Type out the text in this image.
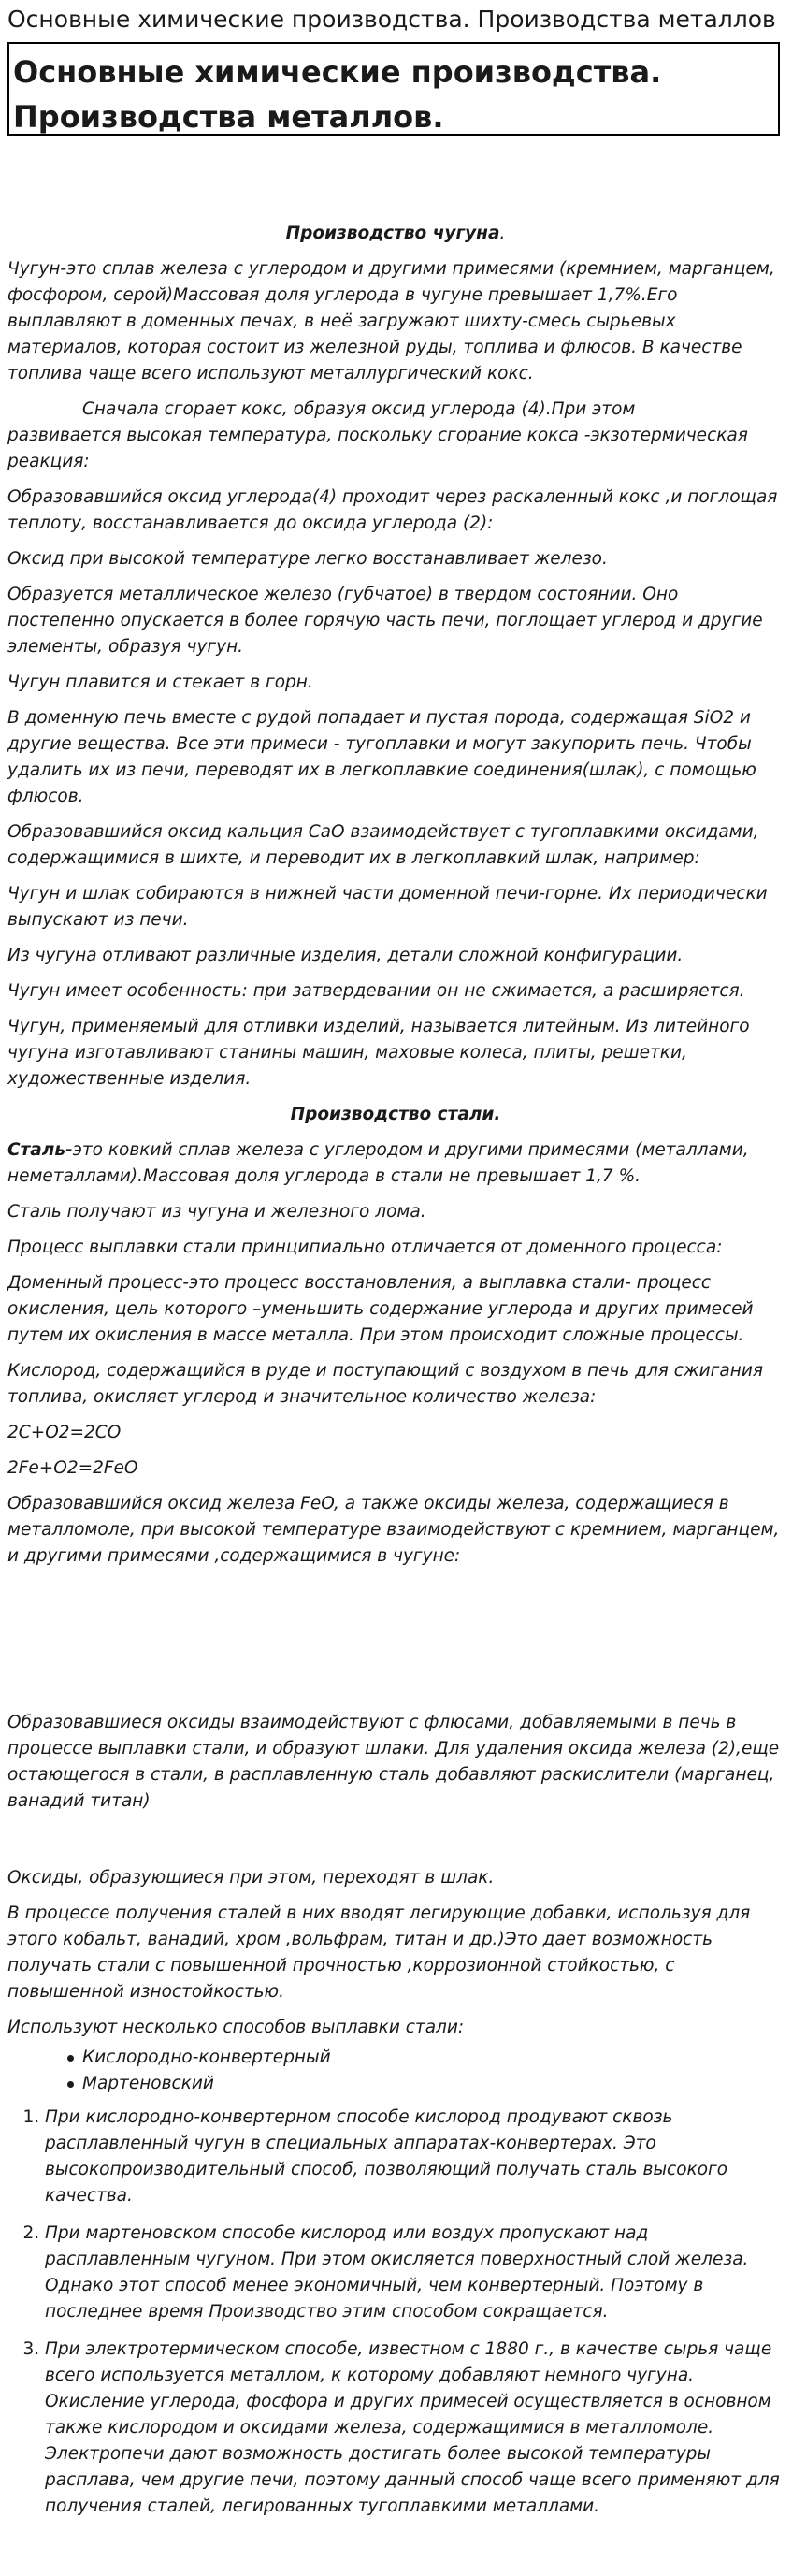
Основные химические производства. Производства металлов
Основные химические производства. Производства металлов.

Производство чугуна.

Чугун-это сплав железа с углеродом и другими примесями (кремнием, марганцем, фосфором, серой)Массовая доля углерода в чугуне превышает 1,7%.Его выплавляют в доменных печах, в неё загружают шихту-смесь сырьевых материалов, которая состоит из железной руды, топлива и флюсов. В качестве топлива чаще всего используют металлургический кокс.

Сначала сгорает кокс, образуя оксид углерода (4).При этом

развивается высокая температура, поскольку сгорание кокса -экзотермическая реакция:

Образовавшийся оксид углерода(4) проходит через раскаленный кокс ,и поглощая теплоту, восстанавливается до оксида углерода (2):

Оксид при высокой температуре легко восстанавливает железо.

Образуется металлическое железо (губчатое) в твердом состоянии. Оно постепенно опускается в более горячую часть печи, поглощает углерод и другие элементы, образуя чугун.

Чугун плавится и стекает в горн.

В доменную печь вместе с рудой попадает и пустая порода, содержащая SiO2 и другие вещества. Все эти примеси - тугоплавки и могут закупорить печь. Чтобы удалить их из печи, переводят их в легкоплавкие соединения(шлак), с помощью флюсов.

Образовавшийся оксид кальция CaO взаимодействует с тугоплавкими оксидами, содержащимися в шихте, и переводит их в легкоплавкий шлак, например:

Чугун и шлак собираются в нижней части доменной печи-горне. Их периодически выпускают из печи.

Из чугуна отливают различные изделия, детали сложной конфигурации.

Чугун имеет особенность: при затвердевании он не сжимается, а расширяется.

Чугун, применяемый для отливки изделий, называется литейным. Из литейного чугуна изготавливают станины машин, маховые колеса, плиты, решетки, художественные изделия.

Производство стали.

Сталь-это ковкий сплав железа с углеродом и другими примесями (металлами, неметаллами).Массовая доля углерода в стали не превышает 1,7 %.

Сталь получают из чугуна и железного лома.

Процесс выплавки стали принципиально отличается от доменного процесса:

Доменный процесс-это процесс восстановления, а выплавка стали- процесс окисления, цель которого –уменьшить содержание углерода и других примесей путем их окисления в массе металла. При этом происходит сложные процессы.

Кислород, содержащийся в руде и поступающий с воздухом в печь для сжигания топлива, окисляет углерод и значительное количество железа:

2C+O2=2CO

2Fe+O2=2FeO

Образовавшийся оксид железа FeO, а также оксиды железа, содержащиеся в металломоле, при высокой температуре взаимодействуют с кремнием, марганцем, и другими примесями ,содержащимися в чугуне:

Образовавшиеся оксиды взаимодействуют с флюсами, добавляемыми в печь в процессе выплавки стали, и образуют шлаки. Для удаления оксида железа (2),еще остающегося в стали, в расплавленную сталь добавляют раскислители (марганец, ванадий титан)

Оксиды, образующиеся при этом, переходят в шлак.

В процессе получения сталей в них вводят легирующие добавки, используя для этого кобальт, ванадий, хром ,вольфрам, титан и др.)Это дает возможность получать стали с повышенной прочностью ,коррозионной стойкостью, с повышенной изностойкостью.

Используют несколько способов выплавки стали:

Кислородно-конвертерный
Мартеновский
1. При кислородно-конвертерном способе кислород продувают сквозь расплавленный чугун в специальных аппаратах-конвертерах. Это высокопроизводительный способ, позволяющий получать сталь высокого качества.
2. При мартеновском способе кислород или воздух пропускают над расплавленным чугуном. При этом окисляется поверхностный слой железа. Однако этот способ менее экономичный, чем конвертерный. Поэтому в последнее время Производство этим способом сокращается.
3. При электротермическом способе, известном с 1880 г., в качестве сырья чаще всего используется металлом, к которому добавляют немного чугуна. Окисление углерода, фосфора и других примесей осуществляется в основном также кислородом и оксидами железа, содержащимися в металломоле. Электропечи дают возможность достигать более высокой температуры расплава, чем другие печи, поэтому данный способ чаще всего применяют для получения сталей, легированных тугоплавкими металлами.
